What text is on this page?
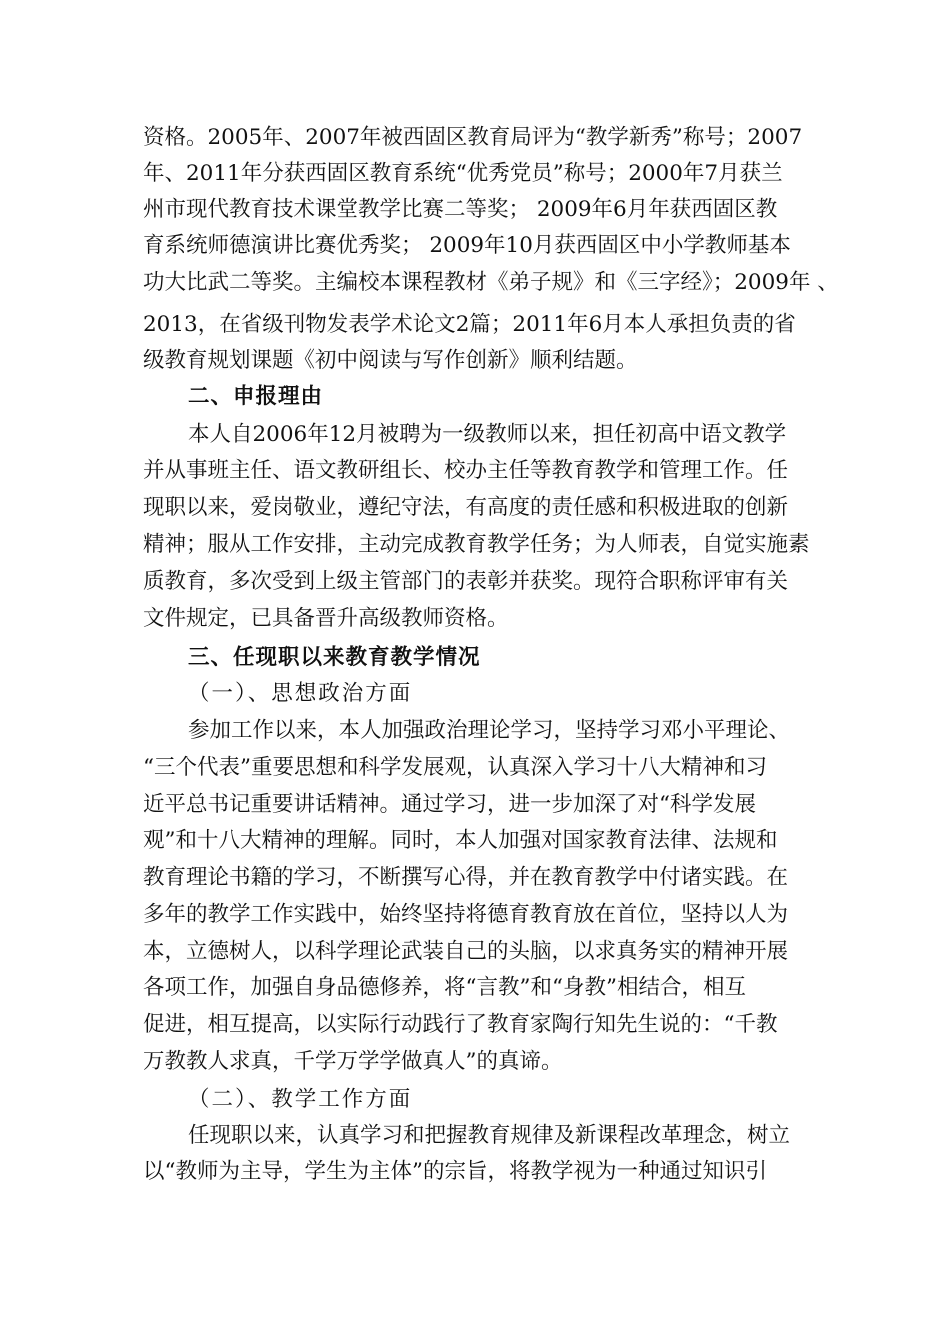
资格。2005年、2007年被西固区教育局评为“教学新秀”称号；2007
年、2011年分获西固区教育系统“优秀党员”称号；2000年7月获兰
州市现代教育技术课堂教学比赛二等奖； 2009年6月年获西固区教
育系统师德演讲比赛优秀奖； 2009年10月获西固区中小学教师基本
功大比武二等奖。主编校本课程教材《弟子规》和《三字经》；2009年 、
2013，在省级刊物发表学术论文2篇；2011年6月本人承担负责的省
级教育规划课题《初中阅读与写作创新》顺利结题。
二、申报理由
本人自2006年12月被聘为一级教师以来，担任初高中语文教学
并从事班主任、语文教研组长、校办主任等教育教学和管理工作。任
现职以来，爱岗敬业，遵纪守法，有高度的责任感和积极进取的创新
精神；服从工作安排，主动完成教育教学任务；为人师表，自觉实施素
质教育，多次受到上级主管部门的表彰并获奖。现符合职称评审有关
文件规定，已具备晋升高级教师资格。
三、任现职以来教育教学情况
（一）、思想政治方面
参加工作以来，本人加强政治理论学习，坚持学习邓小平理论、
“三个代表”重要思想和科学发展观，认真深入学习十八大精神和习
近平总书记重要讲话精神。通过学习，进一步加深了对“科学发展
观”和十八大精神的理解。同时，本人加强对国家教育法律、法规和
教育理论书籍的学习，不断撰写心得，并在教育教学中付诸实践。在
多年的教学工作实践中，始终坚持将德育教育放在首位，坚持以人为
本，立德树人，以科学理论武装自己的头脑，以求真务实的精神开展
各项工作，加强自身品德修养，将“言教”和“身教”相结合，相互
促进，相互提高，以实际行动践行了教育家陶行知先生说的：“千教
万教教人求真，千学万学学做真人”的真谛。
（二）、教学工作方面
任现职以来，认真学习和把握教育规律及新课程改革理念，树立
以“教师为主导，学生为主体”的宗旨，将教学视为一种通过知识引
